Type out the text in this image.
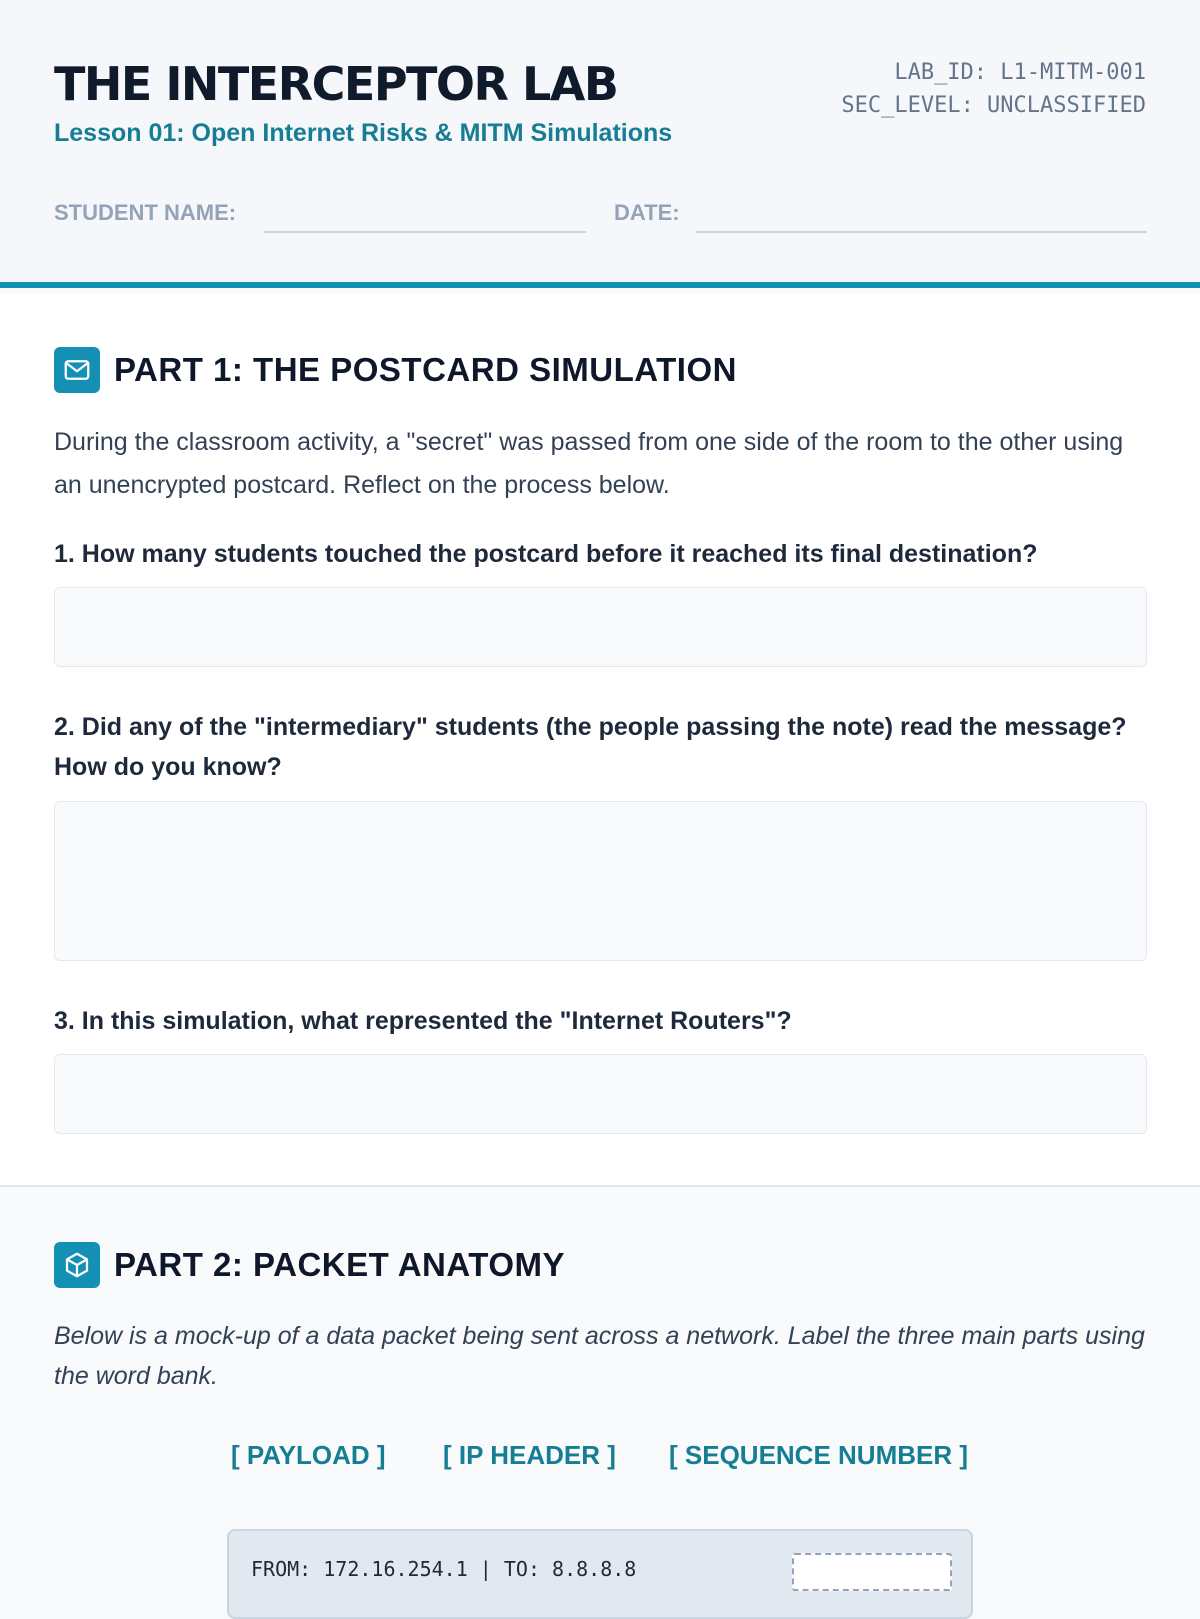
THE INTERCEPTOR LAB
Lesson 01: Open Internet Risks & MITM Simulations
LAB_ID: L1-MITM-001
SEC_LEVEL: UNCLASSIFIED
STUDENT NAME:	DATE:
PART 1: THE POSTCARD SIMULATION
During the classroom activity, a "secret" was passed from one side of the room to the other using an unencrypted postcard. Reflect on the process below.
1. How many students touched the postcard before it reached its final destination?
2. Did any of the "intermediary" students (the people passing the note) read the message? How do you know?
3. In this simulation, what represented the "Internet Routers"?
PART 2: PACKET ANATOMY
Below is a mock-up of a data packet being sent across a network. Label the three main parts using the word bank.
[ PAYLOAD ] [ IP HEADER ] [ SEQUENCE NUMBER ]
FROM: 172.16.254.1 | TO: 8.8.8.8
